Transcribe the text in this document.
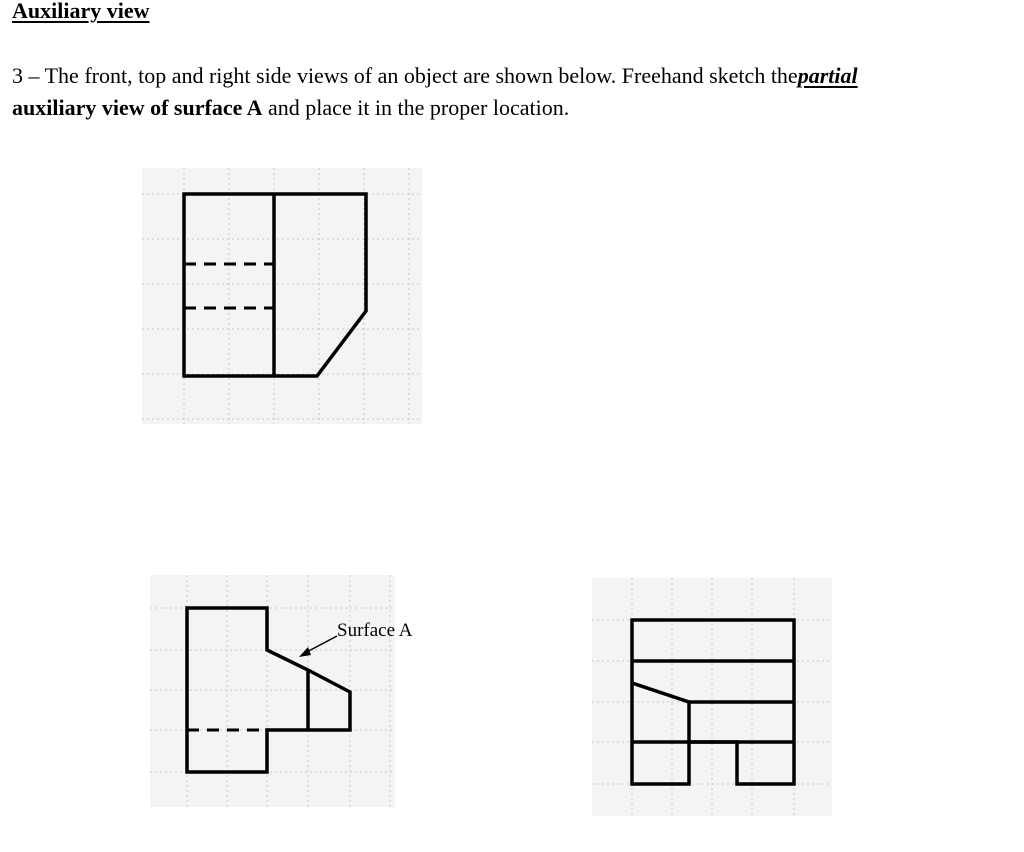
Auxiliary view

3 – The front, top and right side views of an object are shown below. Freehand sketch thepartial
auxiliary view of surface A and place it in the proper location.

Surface A
